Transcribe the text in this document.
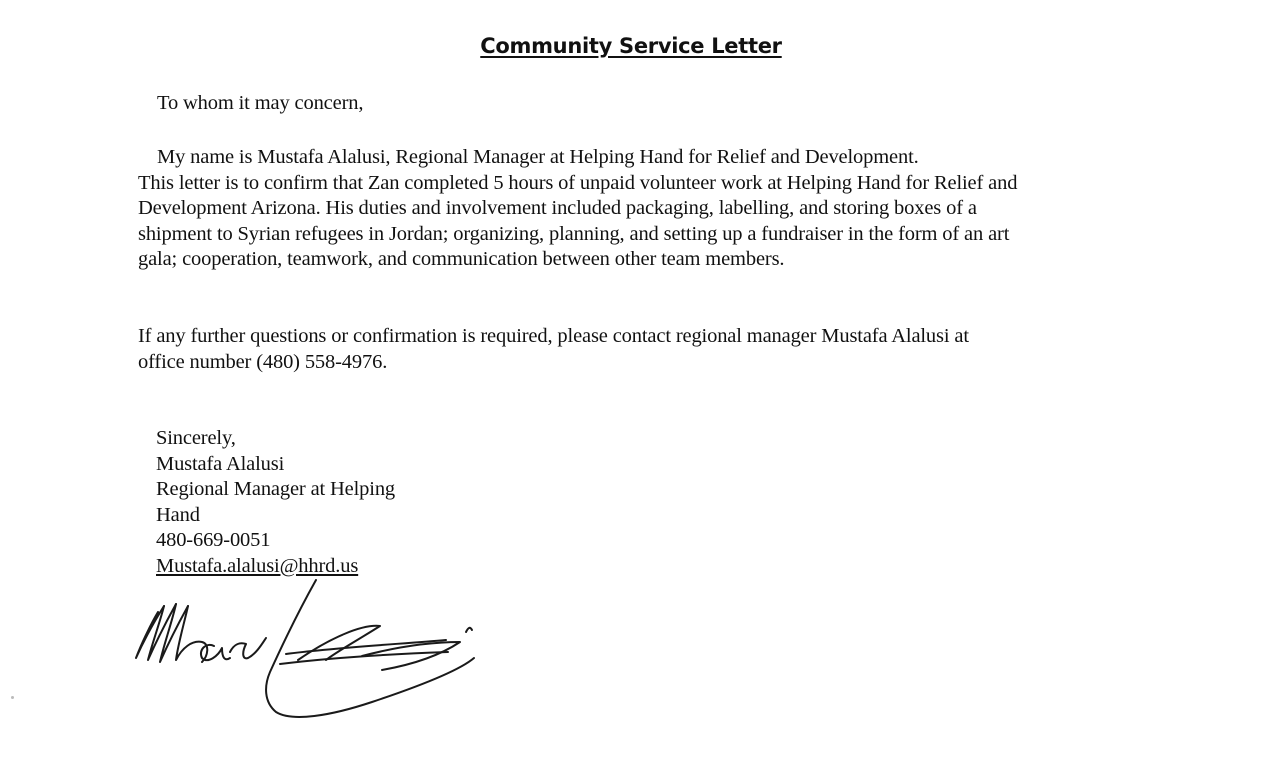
Community Service Letter
To whom it may concern,
My name is Mustafa Alalusi, Regional Manager at Helping Hand for Relief and Development.
This letter is to confirm that Zan completed 5 hours of unpaid volunteer work at Helping Hand for Relief and
Development Arizona. His duties and involvement included packaging, labelling, and storing boxes of a
shipment to Syrian refugees in Jordan; organizing, planning, and setting up a fundraiser in the form of an art
gala; cooperation, teamwork, and communication between other team members.
If any further questions or confirmation is required, please contact regional manager Mustafa Alalusi at
office number (480) 558-4976.
Sincerely,
Mustafa Alalusi
Regional Manager at Helping
Hand
480-669-0051
Mustafa.alalusi@hhrd.us
